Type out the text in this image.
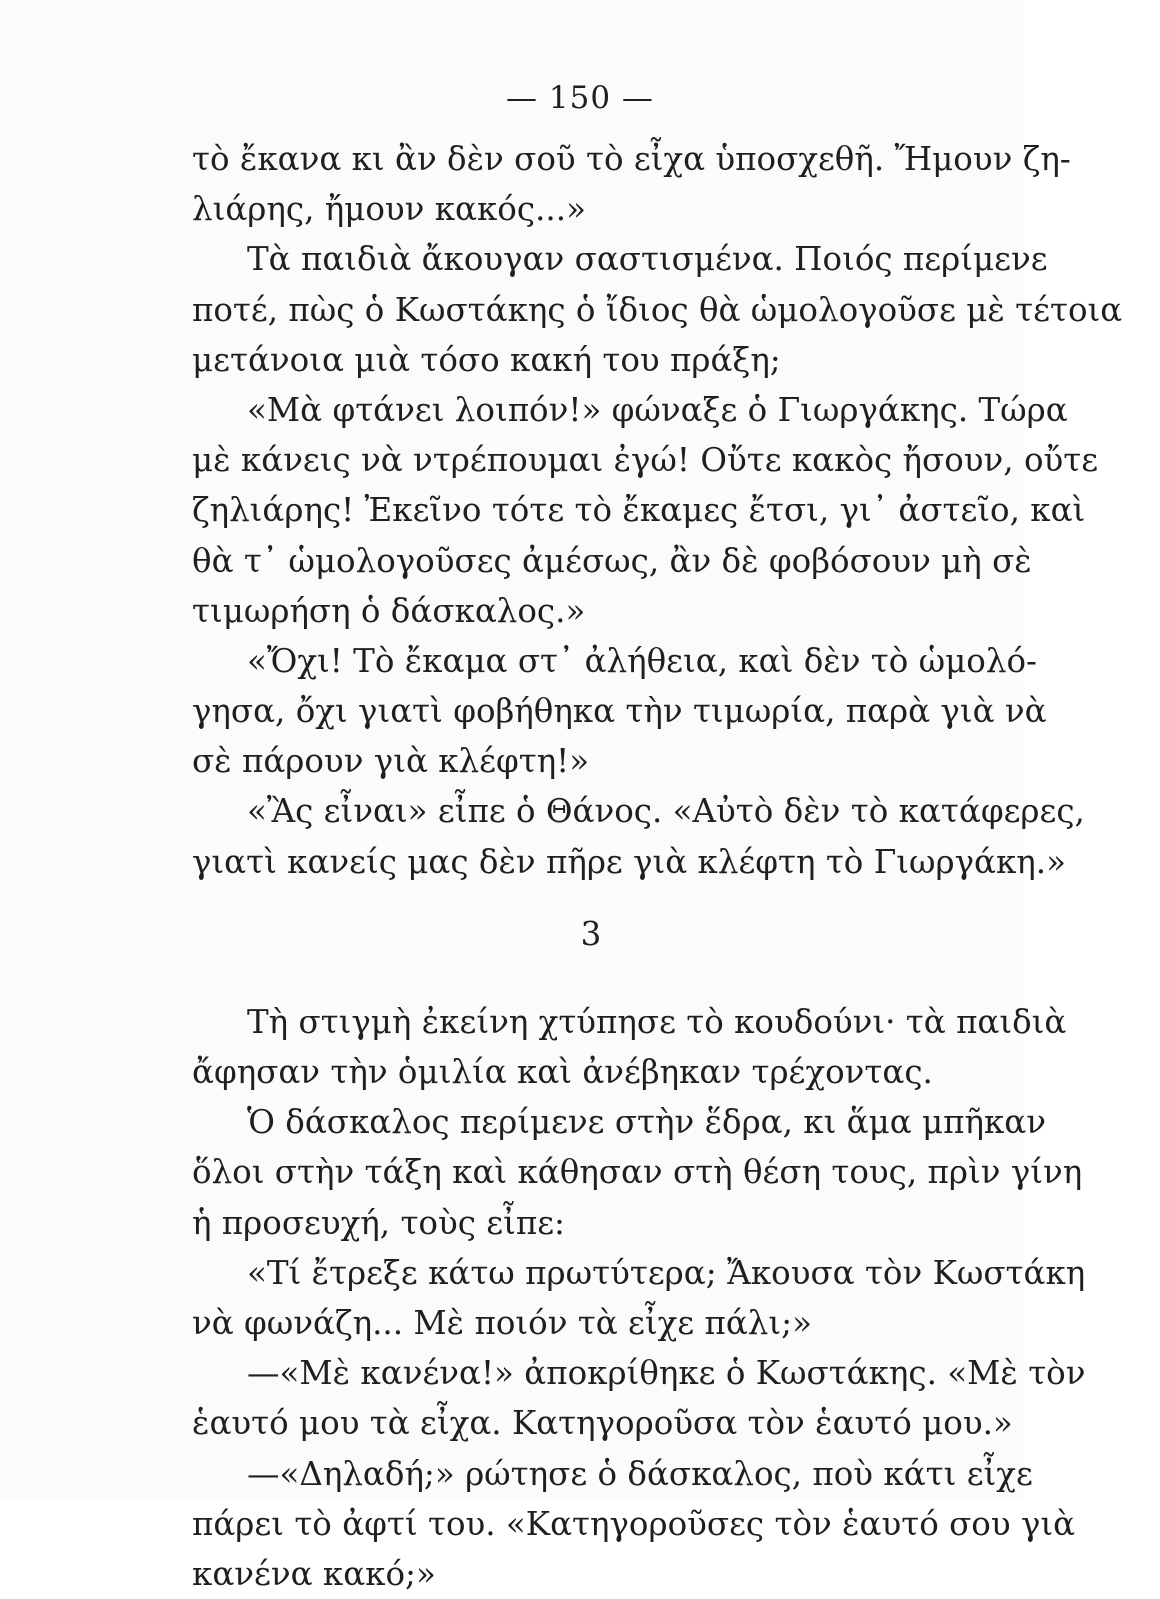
— 150 —
τὸ ἔκανα κι ἂν δὲν σοῦ τὸ εἶχα ὑποσχεθῆ. Ἤμουν ζη-
λιάρης, ἤμουν κακός...»
Τὰ παιδιὰ ἄκουγαν σαστισμένα. Ποιός περίμενε
ποτέ, πὼς ὁ Κωστάκης ὁ ἴδιος θὰ ὡμολογοῦσε μὲ τέτοια
μετάνοια μιὰ τόσο κακή του πράξη;
«Μὰ φτάνει λοιπόν!» φώναξε ὁ Γιωργάκης. Τώρα
μὲ κάνεις νὰ ντρέπουμαι ἐγώ! Οὔτε κακὸς ἤσουν, οὔτε
ζηλιάρης! Ἐκεῖνο τότε τὸ ἔκαμες ἔτσι, γι᾽ ἀστεῖο, καὶ
θὰ τ᾽ ὡμολογοῦσες ἀμέσως, ἂν δὲ φοβόσουν μὴ σὲ
τιμωρήση ὁ δάσκαλος.»
«Ὄχι! Τὸ ἔκαμα στ᾽ ἀλήθεια, καὶ δὲν τὸ ὡμολό-
γησα, ὄχι γιατὶ φοβήθηκα τὴν τιμωρία, παρὰ γιὰ νὰ
σὲ πάρουν γιὰ κλέφτη!»
«Ἂς εἶναι» εἶπε ὁ Θάνος. «Αὐτὸ δὲν τὸ κατάφερες,
γιατὶ κανείς μας δὲν πῆρε γιὰ κλέφτη τὸ Γιωργάκη.»
3
Τὴ στιγμὴ ἐκείνη χτύπησε τὸ κουδούνι· τὰ παιδιὰ
ἄφησαν τὴν ὁμιλία καὶ ἀνέβηκαν τρέχοντας.
Ὁ δάσκαλος περίμενε στὴν ἕδρα, κι ἅμα μπῆκαν
ὅλοι στὴν τάξη καὶ κάθησαν στὴ θέση τους, πρὶν γίνη
ἡ προσευχή, τοὺς εἶπε:
«Τί ἔτρεξε κάτω πρωτύτερα; Ἄκουσα τὸν Κωστάκη
νὰ φωνάζη... Μὲ ποιόν τὰ εἶχε πάλι;»
—«Μὲ κανένα!» ἀποκρίθηκε ὁ Κωστάκης. «Μὲ τὸν
ἑαυτό μου τὰ εἶχα. Κατηγοροῦσα τὸν ἑαυτό μου.»
—«Δηλαδή;» ρώτησε ὁ δάσκαλος, ποὺ κάτι εἶχε
πάρει τὸ ἀφτί του. «Κατηγοροῦσες τὸν ἑαυτό σου γιὰ
κανένα κακό;»
